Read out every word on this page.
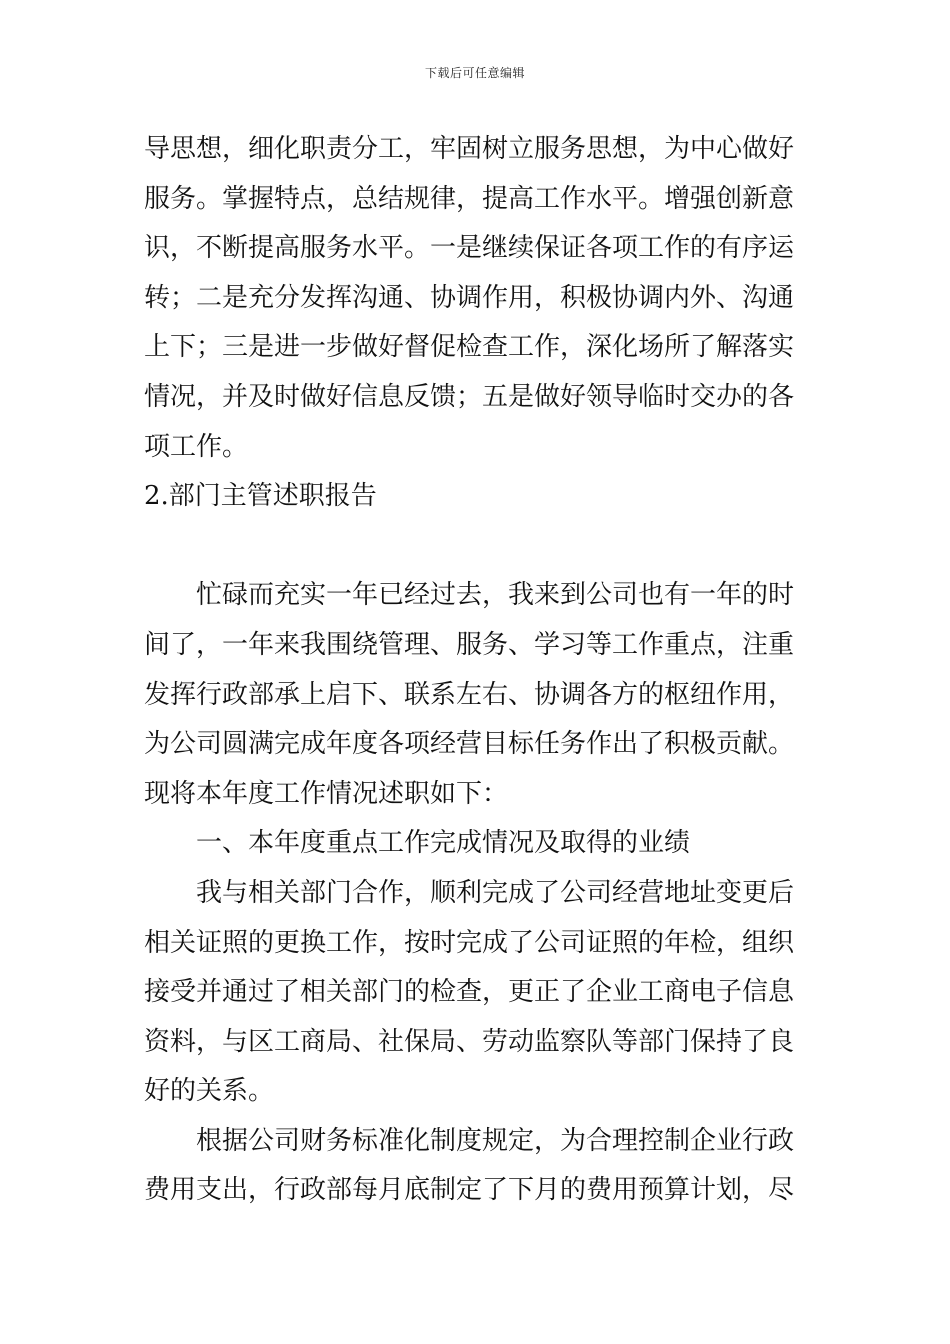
下载后可任意编辑
导思想，细化职责分工，牢固树立服务思想，为中心做好
服务。掌握特点，总结规律，提高工作水平。增强创新意
识，不断提高服务水平。一是继续保证各项工作的有序运
转；二是充分发挥沟通、协调作用，积极协调内外、沟通
上下；三是进一步做好督促检查工作，深化场所了解落实
情况，并及时做好信息反馈；五是做好领导临时交办的各
项工作。
2.部门主管述职报告
忙碌而充实一年已经过去，我来到公司也有一年的时
间了，一年来我围绕管理、服务、学习等工作重点，注重
发挥行政部承上启下、联系左右、协调各方的枢纽作用，
为公司圆满完成年度各项经营目标任务作出了积极贡献。
现将本年度工作情况述职如下：
一、本年度重点工作完成情况及取得的业绩
我与相关部门合作，顺利完成了公司经营地址变更后
相关证照的更换工作，按时完成了公司证照的年检，组织
接受并通过了相关部门的检查，更正了企业工商电子信息
资料，与区工商局、社保局、劳动监察队等部门保持了良
好的关系。
根据公司财务标准化制度规定，为合理控制企业行政
费用支出，行政部每月底制定了下月的费用预算计划，尽
